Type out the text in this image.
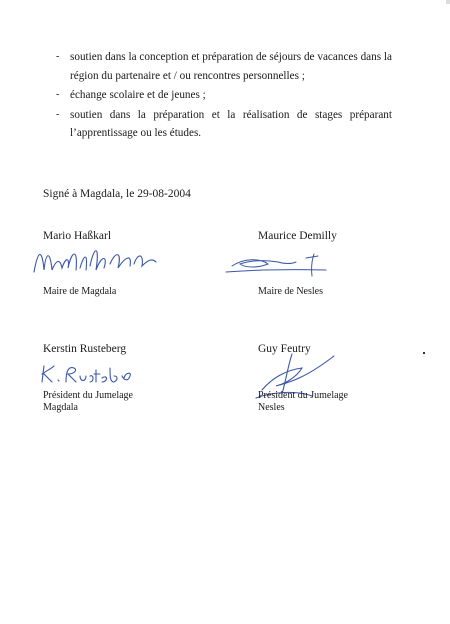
- soutien dans la conception et préparation de séjours de vacances dans la région du partenaire et / ou rencontres personnelles ;
- échange scolaire et de jeunes ;
- soutien dans la préparation et la réalisation de stages préparant l’apprentissage ou les études.
Signé à Magdala, le 29-08-2004
Mario Haßkarl
Maire de Magdala
Maurice Demilly
Maire de Nesles
Kerstin Rusteberg
Président du Jumelage
Magdala
Guy Feutry
Président du Jumelage
Nesles
